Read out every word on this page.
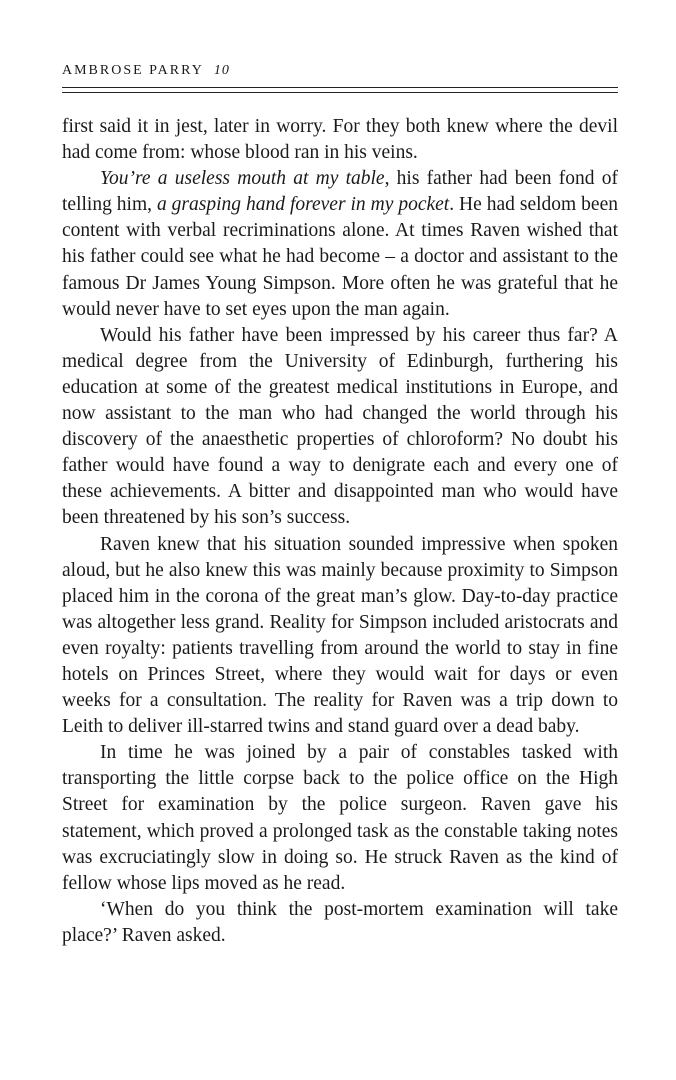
AMBROSE PARRY 10

first said it in jest, later in worry. For they both knew where the devil had come from: whose blood ran in his veins.

You’re a useless mouth at my table, his father had been fond of telling him, a grasping hand forever in my pocket. He had seldom been content with verbal recriminations alone. At times Raven wished that his father could see what he had become – a doctor and assistant to the famous Dr James Young Simpson. More often he was grateful that he would never have to set eyes upon the man again.

Would his father have been impressed by his career thus far? A medical degree from the University of Edinburgh, furthering his education at some of the greatest medical institutions in Europe, and now assistant to the man who had changed the world through his discovery of the anaesthetic properties of chloroform? No doubt his father would have found a way to denigrate each and every one of these achievements. A bitter and disappointed man who would have been threatened by his son’s success.

Raven knew that his situation sounded impressive when spoken aloud, but he also knew this was mainly because proximity to Simpson placed him in the corona of the great man’s glow. Day-to-day practice was altogether less grand. Reality for Simpson included aristocrats and even royalty: patients travelling from around the world to stay in fine hotels on Princes Street, where they would wait for days or even weeks for a consultation. The reality for Raven was a trip down to Leith to deliver ill-starred twins and stand guard over a dead baby.

In time he was joined by a pair of constables tasked with transporting the little corpse back to the police office on the High Street for examination by the police surgeon. Raven gave his statement, which proved a prolonged task as the constable taking notes was excruciatingly slow in doing so. He struck Raven as the kind of fellow whose lips moved as he read.

‘When do you think the post-mortem examination will take place?’ Raven asked.
